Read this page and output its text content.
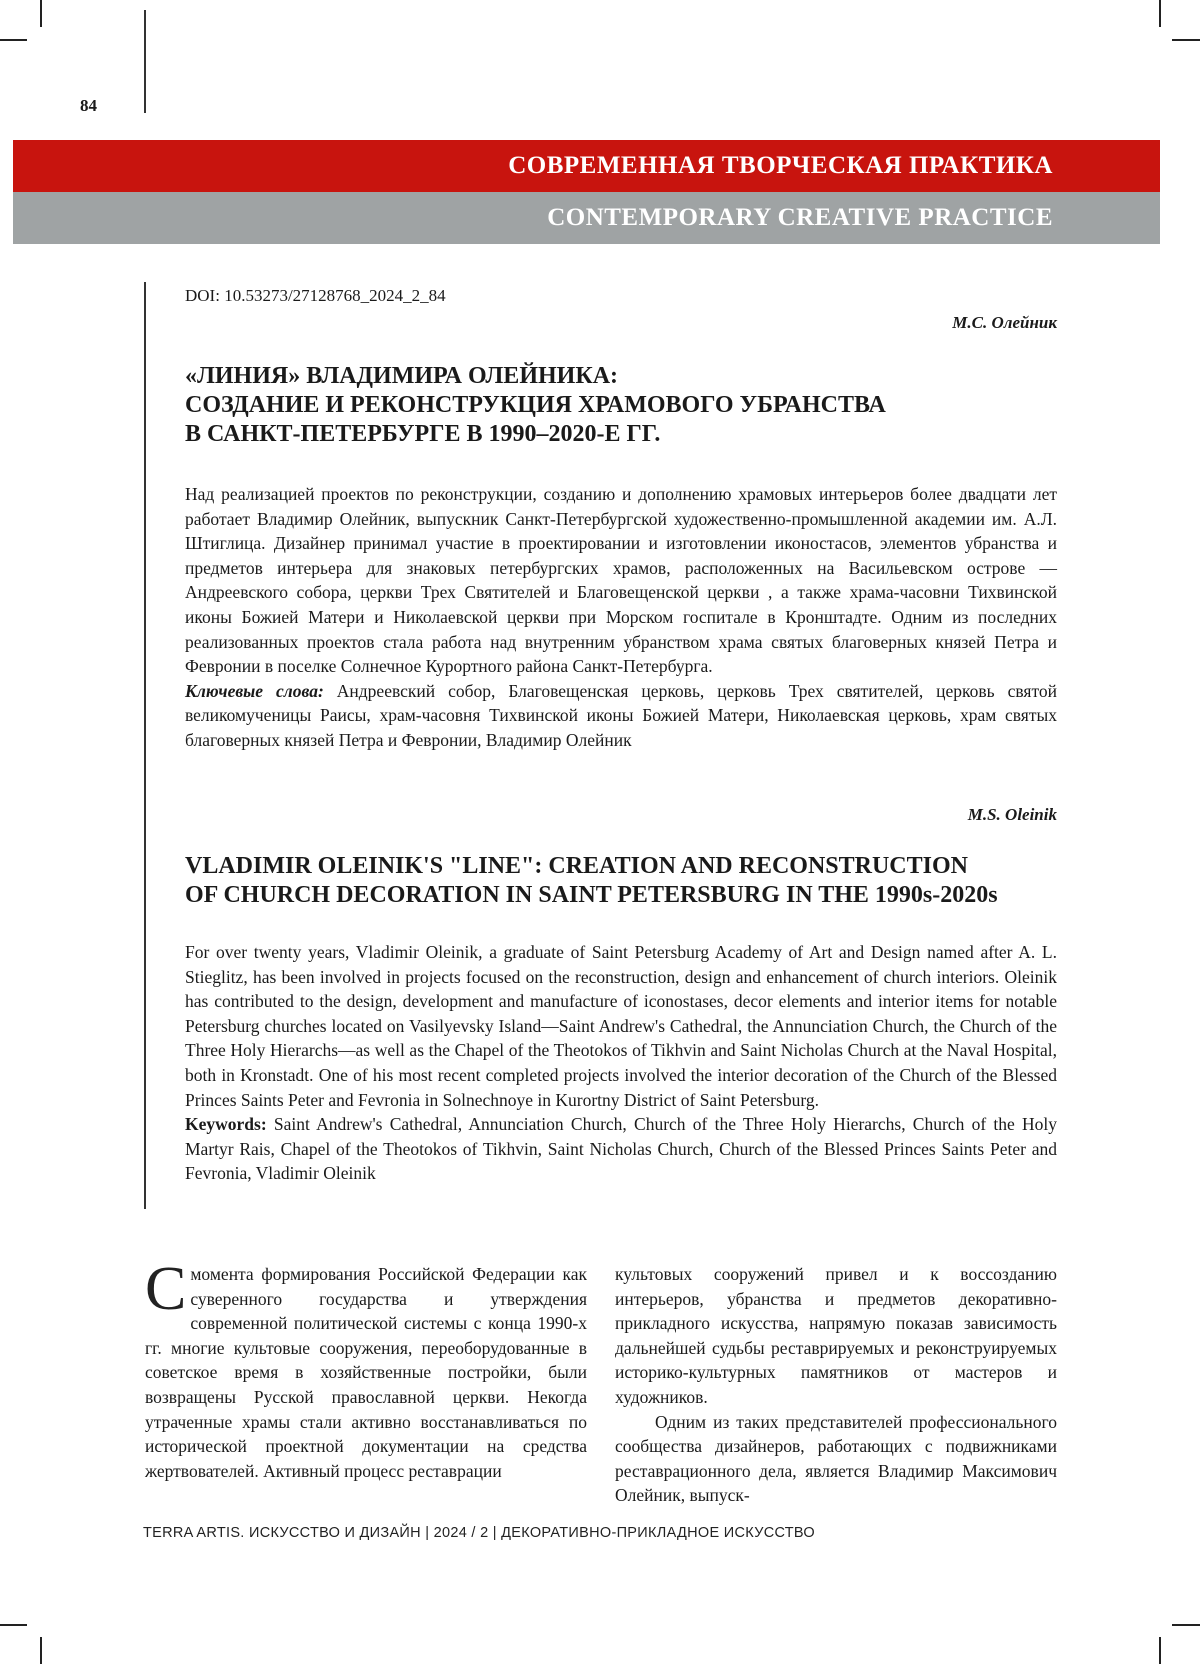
84
СОВРЕМЕННАЯ ТВОРЧЕСКАЯ ПРАКТИКА
CONTEMPORARY CREATIVE PRACTICE
DOI: 10.53273/27128768_2024_2_84
М.С. Олейник
«ЛИНИЯ» ВЛАДИМИРА ОЛЕЙНИКА:
СОЗДАНИЕ И РЕКОНСТРУКЦИЯ ХРАМОВОГО УБРАНСТВА
В САНКТ-ПЕТЕРБУРГЕ В 1990–2020-Е ГГ.
Над реализацией проектов по реконструкции, созданию и дополнению храмовых интерьеров более двадцати лет работает Владимир Олейник, выпускник Санкт-Петербургской художественно-промышленной академии им. А.Л. Штиглица. Дизайнер принимал участие в проектировании и изготовлении иконостасов, элементов убранства и предметов интерьера для знаковых петербургских храмов, расположенных на Васильевском острове — Андреевского собора, церкви Трех Святителей и Благовещенской церкви , а также храма-часовни Тихвинской иконы Божией Матери и Николаевской церкви при Морском госпитале в Кронштадте. Одним из последних реализованных проектов стала работа над внутренним убранством храма святых благоверных князей Петра и Февронии в поселке Солнечное Курортного района Санкт-Петербурга.
Ключевые слова: Андреевский собор, Благовещенская церковь, церковь Трех святителей, церковь святой великомученицы Раисы, храм-часовня Тихвинской иконы Божией Матери, Николаевская церковь, храм святых благоверных князей Петра и Февронии, Владимир Олейник
M.S. Oleinik
VLADIMIR OLEINIK'S "LINE": CREATION AND RECONSTRUCTION
OF CHURCH DECORATION IN SAINT PETERSBURG IN THE 1990s-2020s
For over twenty years, Vladimir Oleinik, a graduate of Saint Petersburg Academy of Art and Design named after A. L. Stieglitz, has been involved in projects focused on the reconstruction, design and enhancement of church interiors. Oleinik has contributed to the design, development and manufacture of iconostases, decor elements and interior items for notable Petersburg churches located on Vasilyevsky Island—Saint Andrew's Cathedral, the Annunciation Church, the Church of the Three Holy Hierarchs—as well as the Chapel of the Theotokos of Tikhvin and Saint Nicholas Church at the Naval Hospital, both in Kronstadt. One of his most recent completed projects involved the interior decoration of the Church of the Blessed Princes Saints Peter and Fevronia in Solnechnoye in Kurortny District of Saint Petersburg.
Keywords: Saint Andrew's Cathedral, Annunciation Church, Church of the Three Holy Hierarchs, Church of the Holy Martyr Rais, Chapel of the Theotokos of Tikhvin, Saint Nicholas Church, Church of the Blessed Princes Saints Peter and Fevronia, Vladimir Oleinik

Смомента формирования Российской Федерации как суверенного государства и утверждения современной политической системы с конца 1990-х гг. многие культовые сооружения, переоборудованные в советское время в хозяйственные постройки, были возвращены Русской православной церкви. Некогда утраченные храмы стали активно восстанавливаться по исторической проектной документации на средства жертвователей. Активный процесс реставрации

культовых сооружений привел и к воссозданию интерьеров, убранства и предметов декоративно-прикладного искусства, напрямую показав зависимость дальнейшей судьбы реставрируемых и реконструируемых историко-культурных памятников от мастеров и художников.

Одним из таких представителей профессионального сообщества дизайнеров, работающих с подвижниками реставрационного дела, является Владимир Максимович Олейник, выпуск-

TERRA ARTIS. ИСКУССТВО И ДИЗАЙН | 2024 / 2 | ДЕКОРАТИВНО-ПРИКЛАДНОЕ ИСКУССТВО
